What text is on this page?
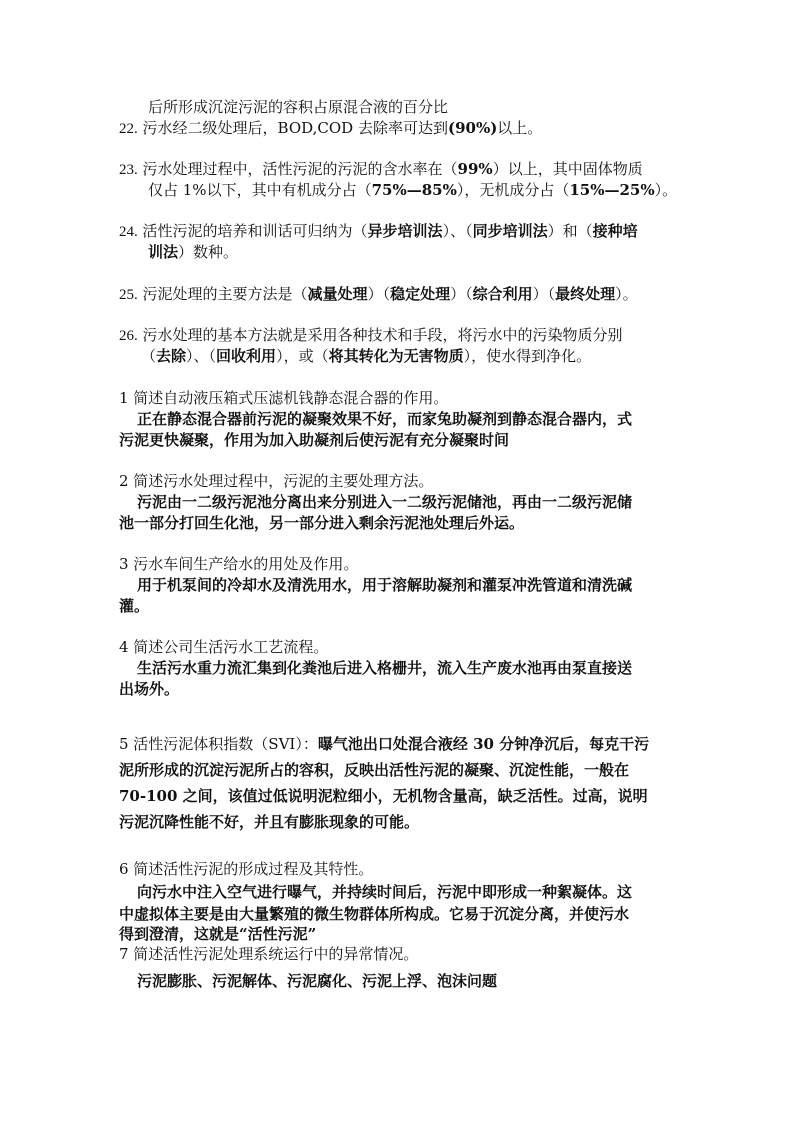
后所形成沉淀污泥的容积占原混合液的百分比
22. 污水经二级处理后，BOD,COD 去除率可达到(90%)以上。
23. 污水处理过程中，活性污泥的污泥的含水率在（99%）以上，其中固体物质
仅占 1%以下，其中有机成分占（75%—85%），无机成分占（15%—25%）。
24. 活性污泥的培养和训话可归纳为（异步培训法）、（同步培训法）和（接种培
训法）数种。
25. 污泥处理的主要方法是（减量处理）（稳定处理）（综合利用）（最终处理）。
26. 污水处理的基本方法就是采用各种技术和手段，将污水中的污染物质分别
（去除）、（回收利用），或（将其转化为无害物质），使水得到净化。
1 简述自动液压箱式压滤机钱静态混合器的作用。
正在静态混合器前污泥的凝聚效果不好，而家兔助凝剂到静态混合器内，式
污泥更快凝聚，作用为加入助凝剂后使污泥有充分凝聚时间
2 简述污水处理过程中，污泥的主要处理方法。
污泥由一二级污泥池分离出来分别进入一二级污泥储池，再由一二级污泥储
池一部分打回生化池，另一部分进入剩余污泥池处理后外运。
3 污水车间生产给水的用处及作用。
用于机泵间的冷却水及清洗用水，用于溶解助凝剂和灌泵冲洗管道和清洗碱
灌。
4 简述公司生活污水工艺流程。
生活污水重力流汇集到化粪池后进入格栅井，流入生产废水池再由泵直接送
出场外。
5 活性污泥体积指数（SVI）：曝气池出口处混合液经 30 分钟净沉后，每克干污
泥所形成的沉淀污泥所占的容积，反映出活性污泥的凝聚、沉淀性能，一般在
70-100 之间，该值过低说明泥粒细小，无机物含量高，缺乏活性。过高，说明
污泥沉降性能不好，并且有膨胀现象的可能。
6 简述活性污泥的形成过程及其特性。
向污水中注入空气进行曝气，并持续时间后，污泥中即形成一种絮凝体。这
中虚拟体主要是由大量繁殖的微生物群体所构成。它易于沉淀分离，并使污水
得到澄清，这就是“活性污泥”
7 简述活性污泥处理系统运行中的异常情况。
污泥膨胀、污泥解体、污泥腐化、污泥上浮、泡沫问题
